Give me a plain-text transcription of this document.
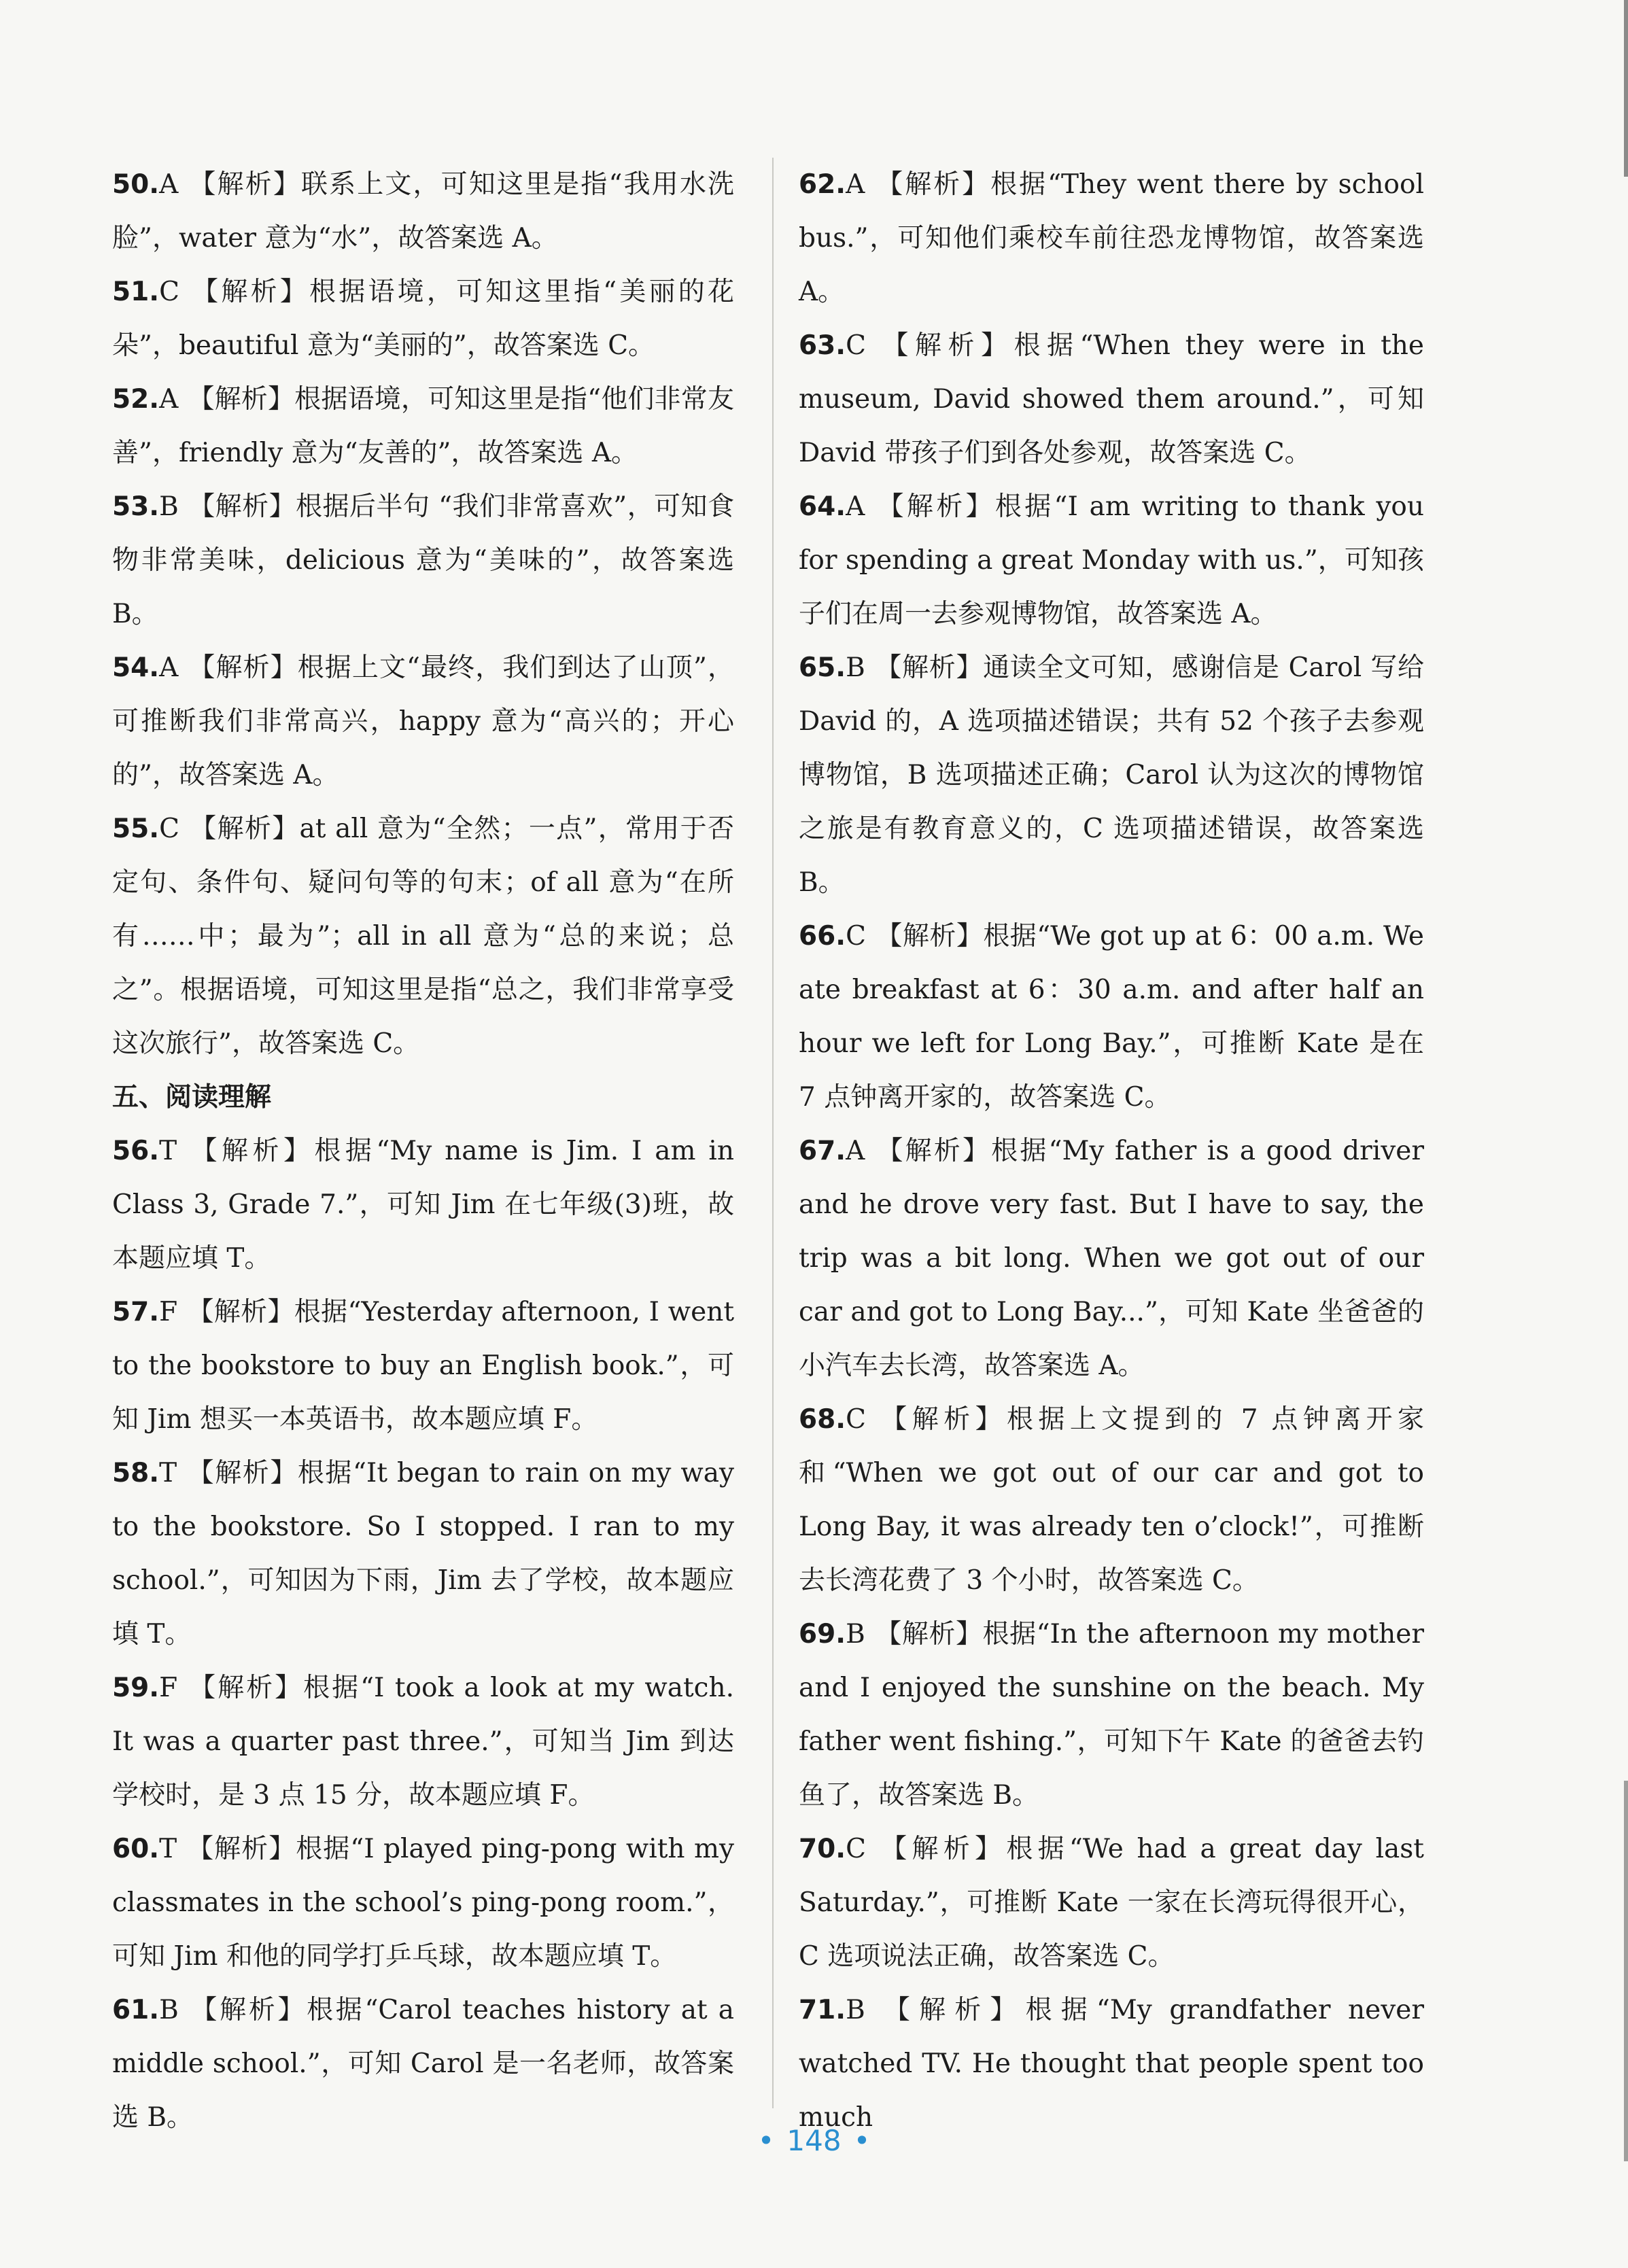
50.A 【解析】联系上文，可知这里是指“我用水洗脸”，water 意为“水”，故答案选 A。

51.C 【解析】根据语境，可知这里指“美丽的花朵”，beautiful 意为“美丽的”，故答案选 C。

52.A 【解析】根据语境，可知这里是指“他们非常友善”，friendly 意为“友善的”，故答案选 A。

53.B 【解析】根据后半句 “我们非常喜欢”，可知食物非常美味，delicious 意为“美味的”，故答案选 B。

54.A 【解析】根据上文“最终，我们到达了山顶”，可推断我们非常高兴，happy 意为“高兴的；开心的”，故答案选 A。

55.C 【解析】at all 意为“全然；一点”，常用于否定句、条件句、疑问句等的句末；of all 意为“在所有……中；最为”；all in all 意为“总的来说；总之”。根据语境，可知这里是指“总之，我们非常享受这次旅行”，故答案选 C。

五、阅读理解

56.T 【解析】根据“My name is Jim. I am in Class 3, Grade 7.”，可知 Jim 在七年级(3)班，故本题应填 T。

57.F 【解析】根据“Yesterday afternoon, I went to the bookstore to buy an English book.”，可知 Jim 想买一本英语书，故本题应填 F。

58.T 【解析】根据“It began to rain on my way to the bookstore. So I stopped. I ran to my school.”，可知因为下雨，Jim 去了学校，故本题应填 T。

59.F 【解析】根据“I took a look at my watch. It was a quarter past three.”，可知当 Jim 到达学校时，是 3 点 15 分，故本题应填 F。

60.T 【解析】根据“I played ping-pong with my classmates in the school’s ping-pong room.”，可知 Jim 和他的同学打乒乓球，故本题应填 T。

61.B 【解析】根据“Carol teaches history at a middle school.”，可知 Carol 是一名老师，故答案选 B。

62.A 【解析】根据“They went there by school bus.”，可知他们乘校车前往恐龙博物馆，故答案选 A。

63.C 【解析】根据“When they were in the museum, David showed them around.”，可知 David 带孩子们到各处参观，故答案选 C。

64.A 【解析】根据“I am writing to thank you for spending a great Monday with us.”，可知孩子们在周一去参观博物馆，故答案选 A。

65.B 【解析】通读全文可知，感谢信是 Carol 写给 David 的，A 选项描述错误；共有 52 个孩子去参观博物馆，B 选项描述正确；Carol 认为这次的博物馆之旅是有教育意义的，C 选项描述错误，故答案选 B。

66.C 【解析】根据“We got up at 6：00 a.m. We ate breakfast at 6：30 a.m. and after half an hour we left for Long Bay.”，可推断 Kate 是在 7 点钟离开家的，故答案选 C。

67.A 【解析】根据“My father is a good driver and he drove very fast. But I have to say, the trip was a bit long. When we got out of our car and got to Long Bay...”，可知 Kate 坐爸爸的小汽车去长湾，故答案选 A。

68.C 【解析】根据上文提到的 7 点钟离开家和“When we got out of our car and got to Long Bay, it was already ten o’clock!”，可推断去长湾花费了 3 个小时，故答案选 C。

69.B 【解析】根据“In the afternoon my mother and I enjoyed the sunshine on the beach. My father went fishing.”，可知下午 Kate 的爸爸去钓鱼了，故答案选 B。

70.C 【解析】根据“We had a great day last Saturday.”，可推断 Kate 一家在长湾玩得很开心，C 选项说法正确，故答案选 C。

71.B 【解析】根据“My grandfather never watched TV. He thought that people spent too much

• 148 •
